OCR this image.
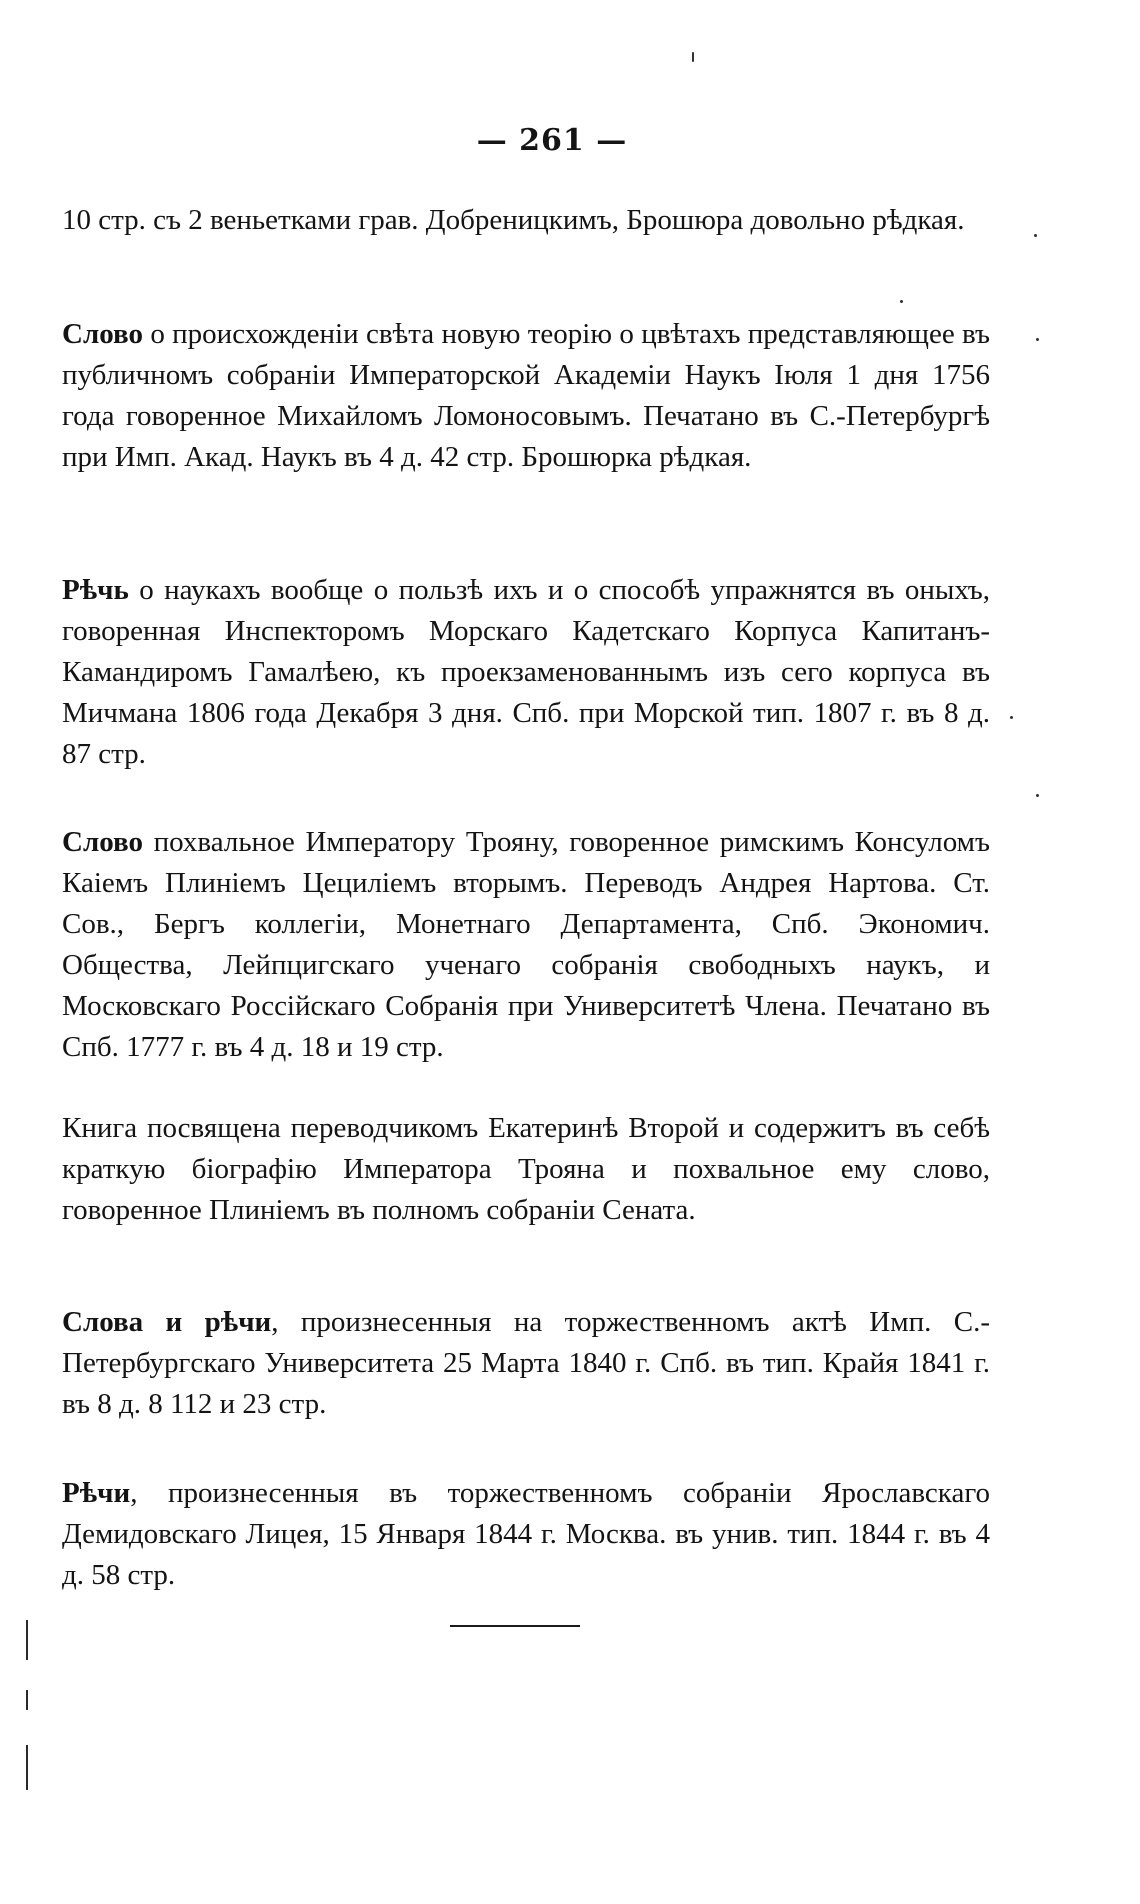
— 261 —

10 стр. съ 2 веньетками грав. Добреницкимъ, Брошюра довольно рѣдкая.

Слово о происхожденіи свѣта новую теорію о цвѣтахъ представляющее въ публичномъ собраніи Императорской Академіи Наукъ Іюля 1 дня 1756 года говоренное Михайломъ Ломоносовымъ. Печатано въ С.-Петербургѣ при Имп. Акад. Наукъ въ 4 д. 42 стр. Брошюрка рѣдкая.

Рѣчь о наукахъ вообще о пользѣ ихъ и о способѣ упражнятся въ оныхъ, говоренная Инспекторомъ Морскаго Кадетскаго Корпуса Капитанъ-Камандиромъ Гамалѣею, къ проекзаменованнымъ изъ сего корпуса въ Мичмана 1806 года Декабря 3 дня. Спб. при Морской тип. 1807 г. въ 8 д. 87 стр.

Слово похвальное Императору Трояну, говоренное римскимъ Консуломъ Каіемъ Плиніемъ Цециліемъ вторымъ. Переводъ Андрея Нартова. Ст. Сов., Бергъ коллегіи, Монетнаго Департамента, Спб. Экономич. Общества, Лейпцигскаго ученаго собранія свободныхъ наукъ, и Московскаго Россійскаго Собранія при Университетѣ Члена. Печатано въ Спб. 1777 г. въ 4 д. 18 и 19 стр.

Книга посвящена переводчикомъ Екатеринѣ Второй и содержитъ въ себѣ краткую біографію Императора Трояна и похвальное ему слово, говоренное Плиніемъ въ полномъ собраніи Сената.

Слова и рѣчи, произнесенныя на торжественномъ актѣ Имп. С.-Петербургскаго Университета 25 Марта 1840 г. Спб. въ тип. Крайя 1841 г. въ 8 д. 8 112 и 23 стр.

Рѣчи, произнесенныя въ торжественномъ собраніи Ярославскаго Демидовскаго Лицея, 15 Января 1844 г. Москва. въ унив. тип. 1844 г. въ 4 д. 58 стр.
